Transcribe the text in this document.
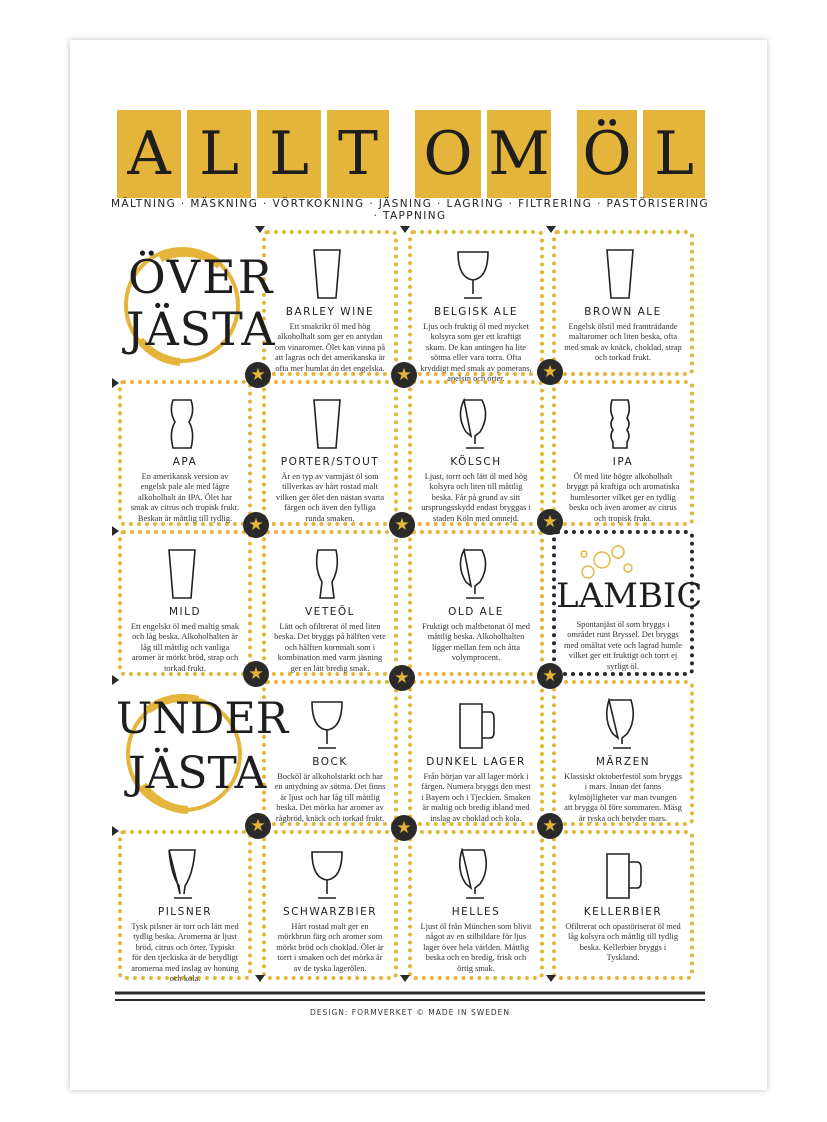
A L L T O M Ö L
MÄLTNING · MÄSKNING · VÖRTKOKNING · JÄSNING · LAGRING · FILTRERING · PASTÖRISERING · TAPPNING
BARLEY WINE
Ett smakrikt öl med hög alkoholhalt som ger en antydan om vinaromer. Ölet kan vinna på att lagras och det amerikanska är ofta mer humlat än det engelska.
BELGISK ALE
Ljus och fruktig öl med mycket kolsyra som ger ett kraftigt skum. De kan antingen ha lite sötma eller vara torra. Ofta kryddigt med smak av pomerans, apelsin och örter.
BROWN ALE
Engelsk ölstil med framträdande maltaromer och liten beska, ofta med smak av knäck, choklad, strap och torkad frukt.
APA
En amerikansk version av engelsk pale ale med lägre alkoholhalt än IPA. Ölet har smak av citrus och tropisk frukt. Beskan är måttlig till tydlig.
PORTER/STOUT
Är en typ av varmjäst öl som tillverkas av hårt rostad malt vilken ger ölet den nästan svarta färgen och även den fylliga runda smaken.
KÖLSCH
Ljust, torrt och lätt öl med hög kolsyra och liten till måttlig beska. Får på grund av sitt ursprungsskydd endast bryggas i staden Köln med omnejd.
IPA
Öl med lite högre alkoholhalt bryggt på kraftiga och aromatiska humlesorter vilket ger en tydlig beska och även aromer av citrus och tropisk frukt.
MILD
Ett engelskt öl med maltig smak och låg beska. Alkoholhalten är låg till måttlig och vanliga aromer är mörkt bröd, strap och torkad frukt.
VETEÖL
Lätt och ofiltrerat öl med liten beska. Det bryggs på hälften vete och hälften kornmalt som i kombination med varm jäsning ger en lätt bredig smak.
OLD ALE
Fruktigt och maltbetonat öl med måttlig beska. Alkoholhalten ligger mellan fem och åtta volymprocent.
LAMBIC
Spontanjäst öl som bryggs i området runt Bryssel. Det bryggs med omältat vete och lagrad humle vilket ger ett fruktigt och torrt ej syrligt öl.
BOCK
Bocköl är alkoholstarkt och har en antydning av sötma. Det finns är ljust och har låg till måttlig beska. Det mörka har aromer av rågbröd, knäck och torkad frukt.
DUNKEL LAGER
Från början var all lager mörk i färgen. Numera bryggs den mest i Bayern och i Tjeckien. Smaken är maltig och bredig ibland med inslag av choklad och kola.
MÄRZEN
Klassiskt oktoberfestöl som bryggs i mars. Innan det fanns kylmöjligheter var man tvungen att brygga öl före sommaren. Mäsg är tyska och betyder mars.
PILSNER
Tysk pilsner är torr och lätt med tydlig beska. Aromerna är ljust bröd, citrus och örter. Typiskt för den tjeckiska är de betydligt aromerna med inslag av honung och kola.
SCHWARZBIER
Hårt rostad malt ger en mörkbrun färg och aromer som mörkt bröd och choklad. Ölet är torrt i smaken och det mörka är av de tyska lagerölen.
HELLES
Ljust öl från München som blivit något av en stilbildare för ljus lager över hela världen. Måttlig beska och en bredig, frisk och örtig smak.
KELLERBIER
Ofiltrerat och opastöriserat öl med låg kolsyra och måttlig till tydlig beska. Kellerbier bryggs i Tyskland.
★	★	★
★	★	★
★	★	★
★	★	★
ÖVER
JÄSTA
UNDER
JÄSTA
DESIGN: FORMVERKET © MADE IN SWEDEN
